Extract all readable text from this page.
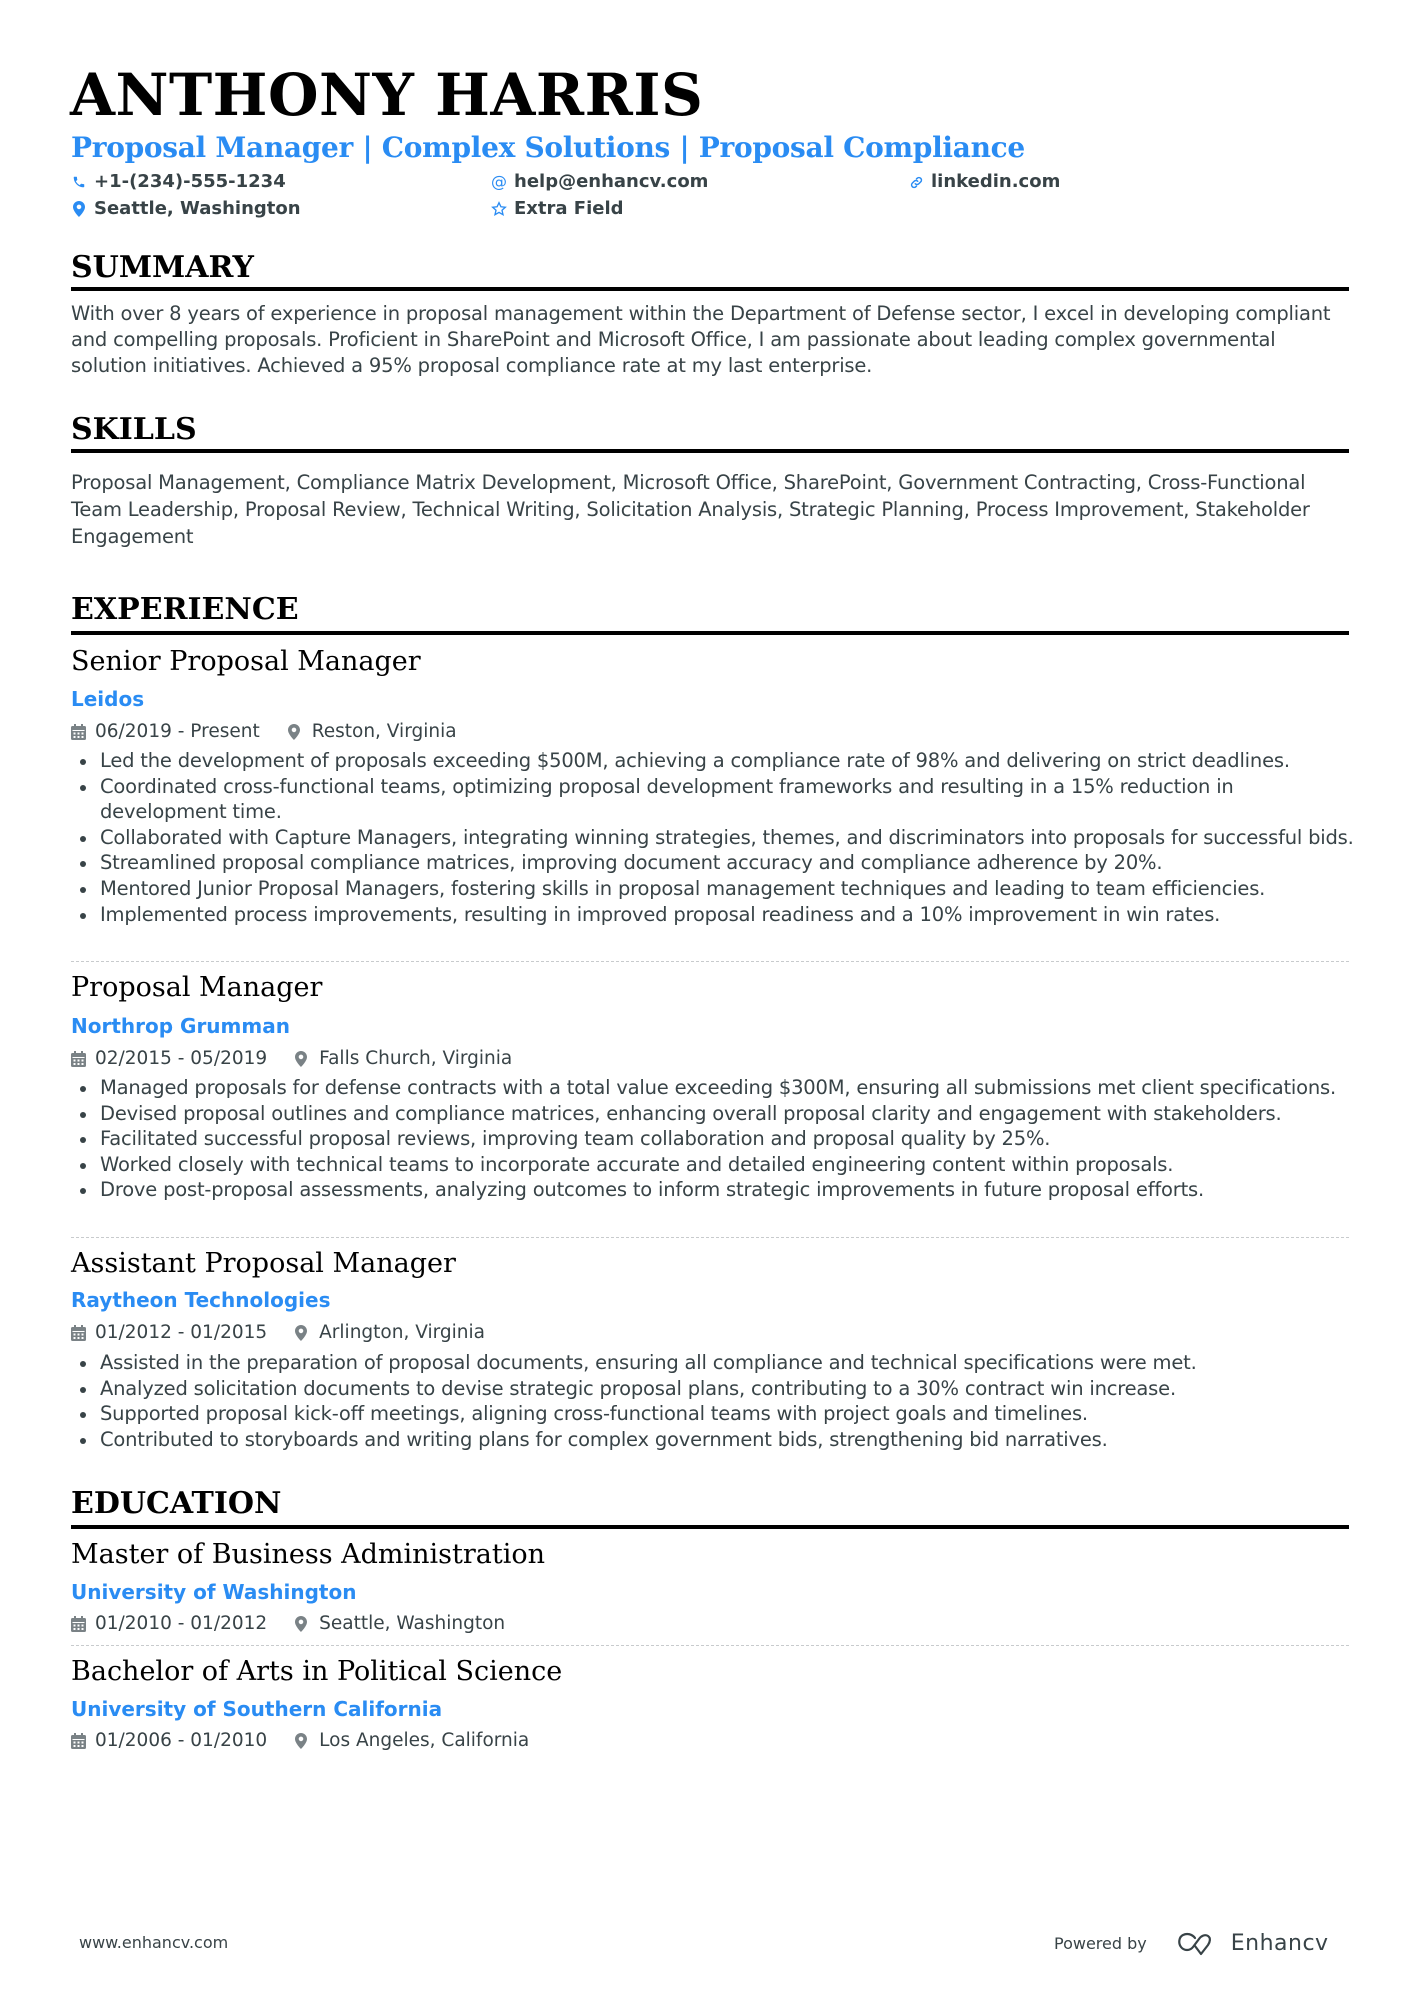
ANTHONY HARRIS
Proposal Manager | Complex Solutions | Proposal Compliance
+1-(234)-555-1234	@ help@enhancv.com	linkedin.com
Seattle, Washington	Extra Field
SUMMARY
With over 8 years of experience in proposal management within the Department of Defense sector, I excel in developing compliant and compelling proposals. Proficient in SharePoint and Microsoft Office, I am passionate about leading complex governmental solution initiatives. Achieved a 95% proposal compliance rate at my last enterprise.
SKILLS
Proposal Management, Compliance Matrix Development, Microsoft Office, SharePoint, Government Contracting, Cross-Functional Team Leadership, Proposal Review, Technical Writing, Solicitation Analysis, Strategic Planning, Process Improvement, Stakeholder Engagement
EXPERIENCE
Senior Proposal Manager
Leidos
06/2019 - Present	Reston, Virginia
Led the development of proposals exceeding $500M, achieving a compliance rate of 98% and delivering on strict deadlines.
Coordinated cross-functional teams, optimizing proposal development frameworks and resulting in a 15% reduction in development time.
Collaborated with Capture Managers, integrating winning strategies, themes, and discriminators into proposals for successful bids.
Streamlined proposal compliance matrices, improving document accuracy and compliance adherence by 20%.
Mentored Junior Proposal Managers, fostering skills in proposal management techniques and leading to team efficiencies.
Implemented process improvements, resulting in improved proposal readiness and a 10% improvement in win rates.
Proposal Manager
Northrop Grumman
02/2015 - 05/2019	Falls Church, Virginia
Managed proposals for defense contracts with a total value exceeding $300M, ensuring all submissions met client specifications.
Devised proposal outlines and compliance matrices, enhancing overall proposal clarity and engagement with stakeholders.
Facilitated successful proposal reviews, improving team collaboration and proposal quality by 25%.
Worked closely with technical teams to incorporate accurate and detailed engineering content within proposals.
Drove post-proposal assessments, analyzing outcomes to inform strategic improvements in future proposal efforts.
Assistant Proposal Manager
Raytheon Technologies
01/2012 - 01/2015	Arlington, Virginia
Assisted in the preparation of proposal documents, ensuring all compliance and technical specifications were met.
Analyzed solicitation documents to devise strategic proposal plans, contributing to a 30% contract win increase.
Supported proposal kick-off meetings, aligning cross-functional teams with project goals and timelines.
Contributed to storyboards and writing plans for complex government bids, strengthening bid narratives.
EDUCATION
Master of Business Administration
University of Washington
01/2010 - 01/2012	Seattle, Washington
Bachelor of Arts in Political Science
University of Southern California
01/2006 - 01/2010	Los Angeles, California
www.enhancv.com	Powered by	Enhancv
